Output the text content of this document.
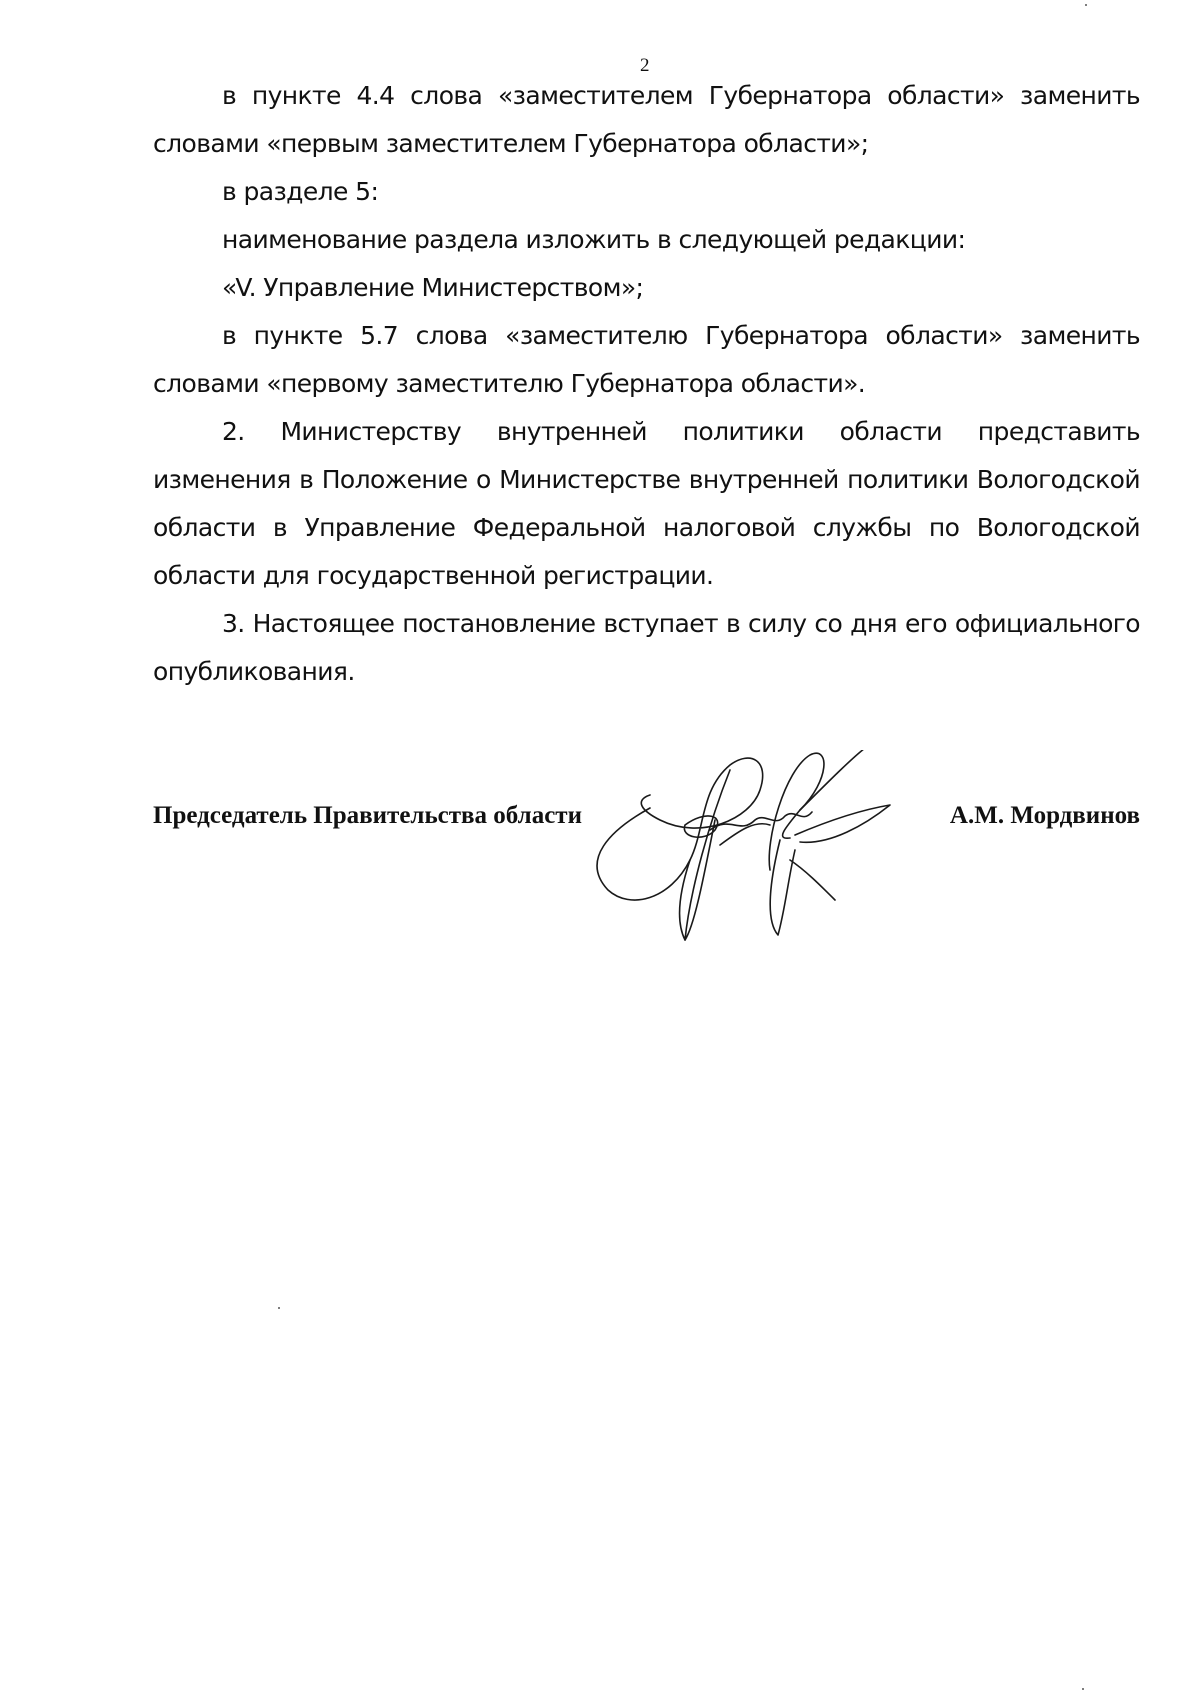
2

в пункте 4.4 слова «заместителем Губернатора области» заменить словами «первым заместителем Губернатора области»;

в разделе 5:

наименование раздела изложить в следующей редакции:

«V. Управление Министерством»;

в пункте 5.7 слова «заместителю Губернатора области» заменить словами «первому заместителю Губернатора области».

2. Министерству внутренней политики области представить изменения в Положение о Министерстве внутренней политики Вологодской области в Управление Федеральной налоговой службы по Вологодской области для государственной регистрации.

3. Настоящее постановление вступает в силу со дня его официального опубликования.

Председатель Правительства области	А.М. Мордвинов
